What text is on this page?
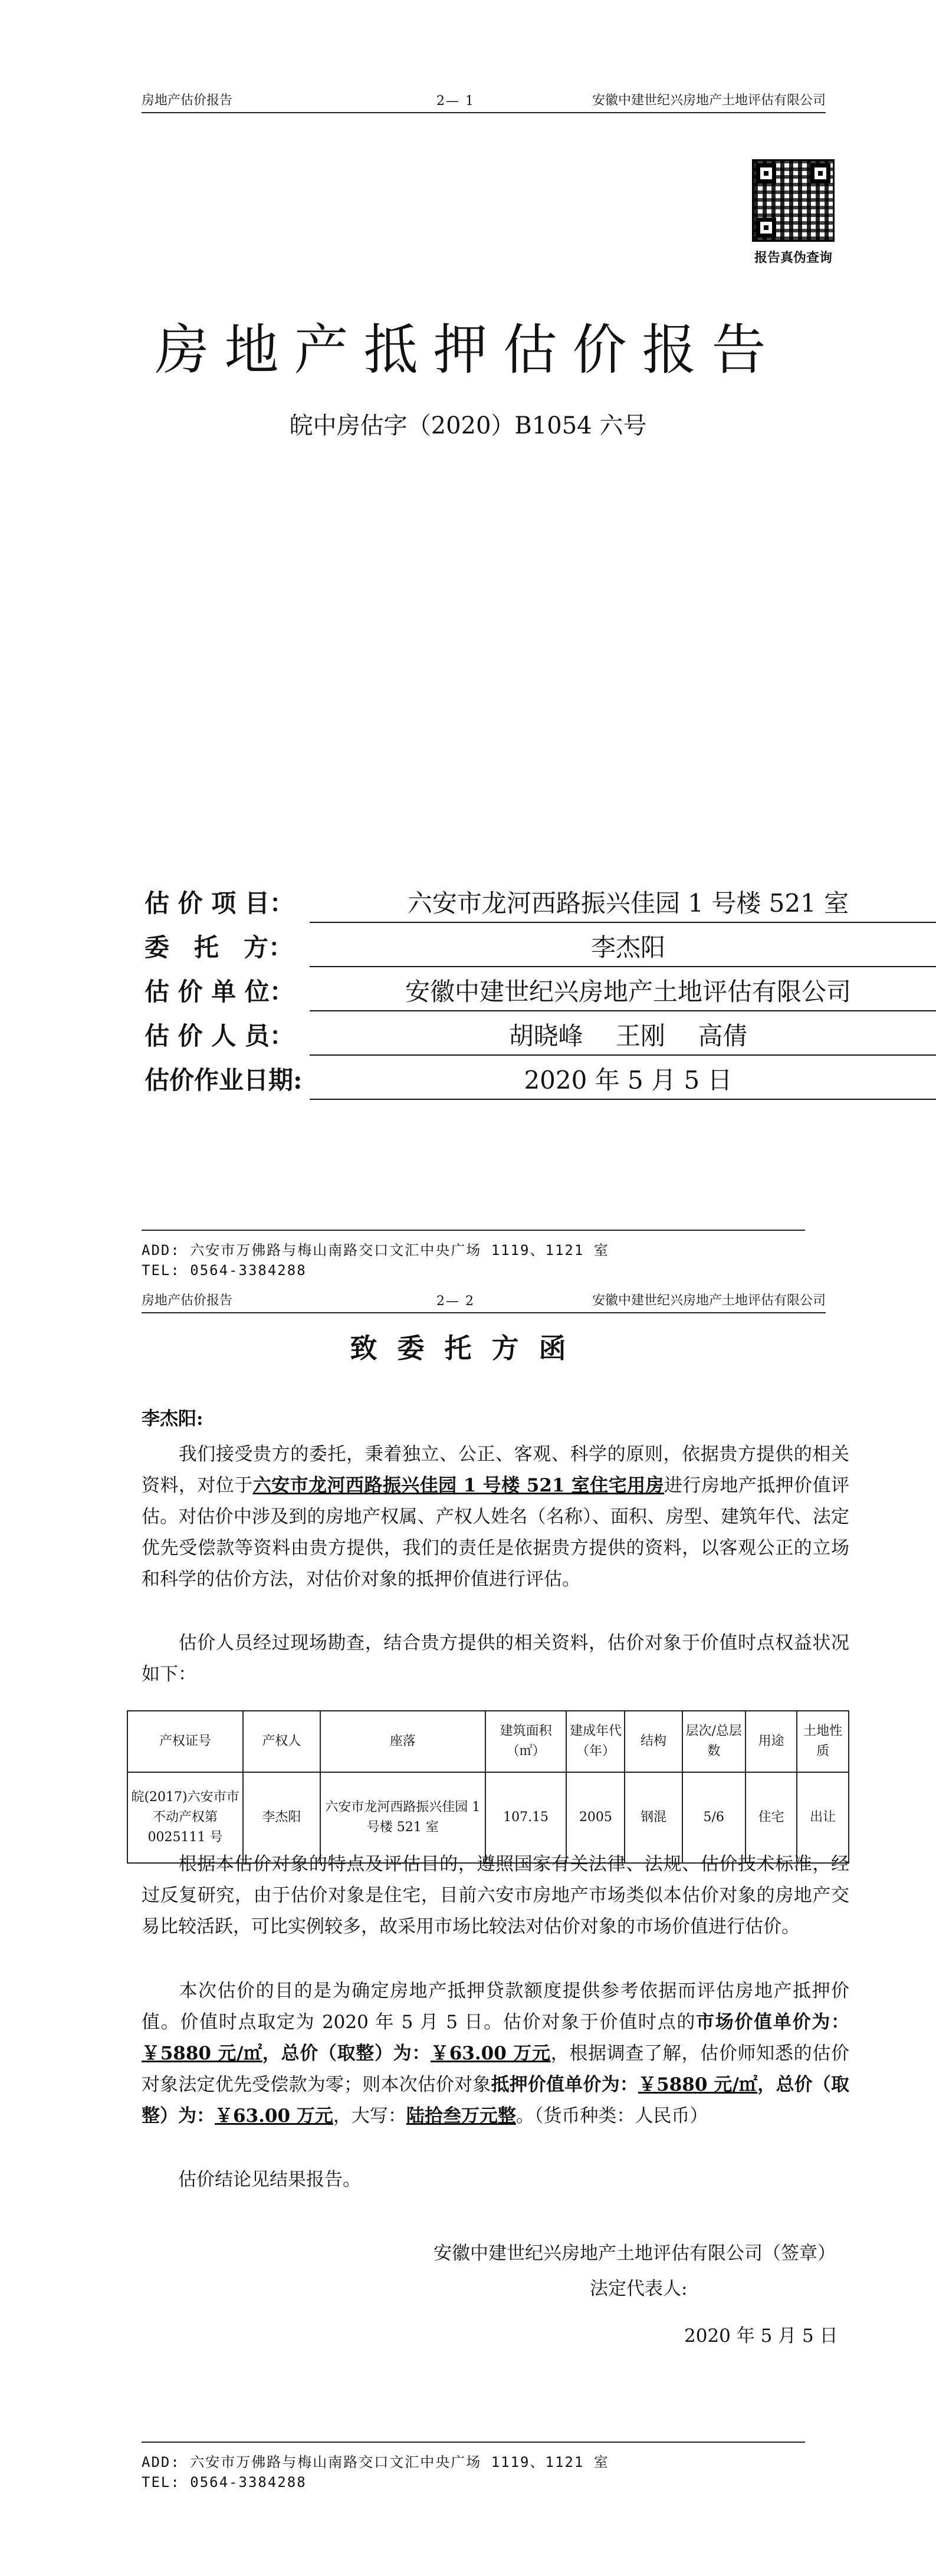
房地产估价报告	2— 1	安徽中建世纪兴房地产土地评估有限公司
报告真伪查询
房地产抵押估价报告
皖中房估字（2020）B1054 六号
估 价 项 目：	六安市龙河西路振兴佳园 1 号楼 521 室
委　托　方：	李杰阳
估 价 单 位：	安徽中建世纪兴房地产土地评估有限公司
估 价 人 员：	胡晓峰　 王刚　 高倩
估价作业日期:	2020 年 5 月 5 日
ADD: 六安市万佛路与梅山南路交口文汇中央广场 1119、1121 室
TEL: 0564-3384288
房地产估价报告	2— 2	安徽中建世纪兴房地产土地评估有限公司
致委托方函
李杰阳:
我们接受贵方的委托，秉着独立、公正、客观、科学的原则，依据贵方提供的相关资料，对位于六安市龙河西路振兴佳园 1 号楼 521 室住宅用房进行房地产抵押价值评估。对估价中涉及到的房地产权属、产权人姓名（名称）、面积、房型、建筑年代、法定优先受偿款等资料由贵方提供，我们的责任是依据贵方提供的资料，以客观公正的立场和科学的估价方法，对估价对象的抵押价值进行评估。
估价人员经过现场勘查，结合贵方提供的相关资料，估价对象于价值时点权益状况如下：
产权证号	产权人	座落	建筑面积（㎡）	建成年代（年）	结构	层次/总层数	用途	土地性质
皖(2017)六安市市不动产权第0025111 号	李杰阳	六安市龙河西路振兴佳园 1 号楼 521 室	107.15	2005	钢混	5/6	住宅	出让
根据本估价对象的特点及评估目的，遵照国家有关法律、法规、估价技术标准，经过反复研究，由于估价对象是住宅，目前六安市房地产市场类似本估价对象的房地产交易比较活跃，可比实例较多，故采用市场比较法对估价对象的市场价值进行估价。
本次估价的目的是为确定房地产抵押贷款额度提供参考依据而评估房地产抵押价值。价值时点取定为 2020 年 5 月 5 日。估价对象于价值时点的市场价值单价为：￥5880 元/㎡，总价（取整）为：￥63.00 万元，根据调查了解，估价师知悉的估价对象法定优先受偿款为零；则本次估价对象抵押价值单价为：￥5880 元/㎡，总价（取整）为：￥63.00 万元，大写：陆拾叁万元整。（货币种类：人民币）
估价结论见结果报告。
安徽中建世纪兴房地产土地评估有限公司（签章）
法定代表人:
2020 年 5 月 5 日
ADD: 六安市万佛路与梅山南路交口文汇中央广场 1119、1121 室
TEL: 0564-3384288
